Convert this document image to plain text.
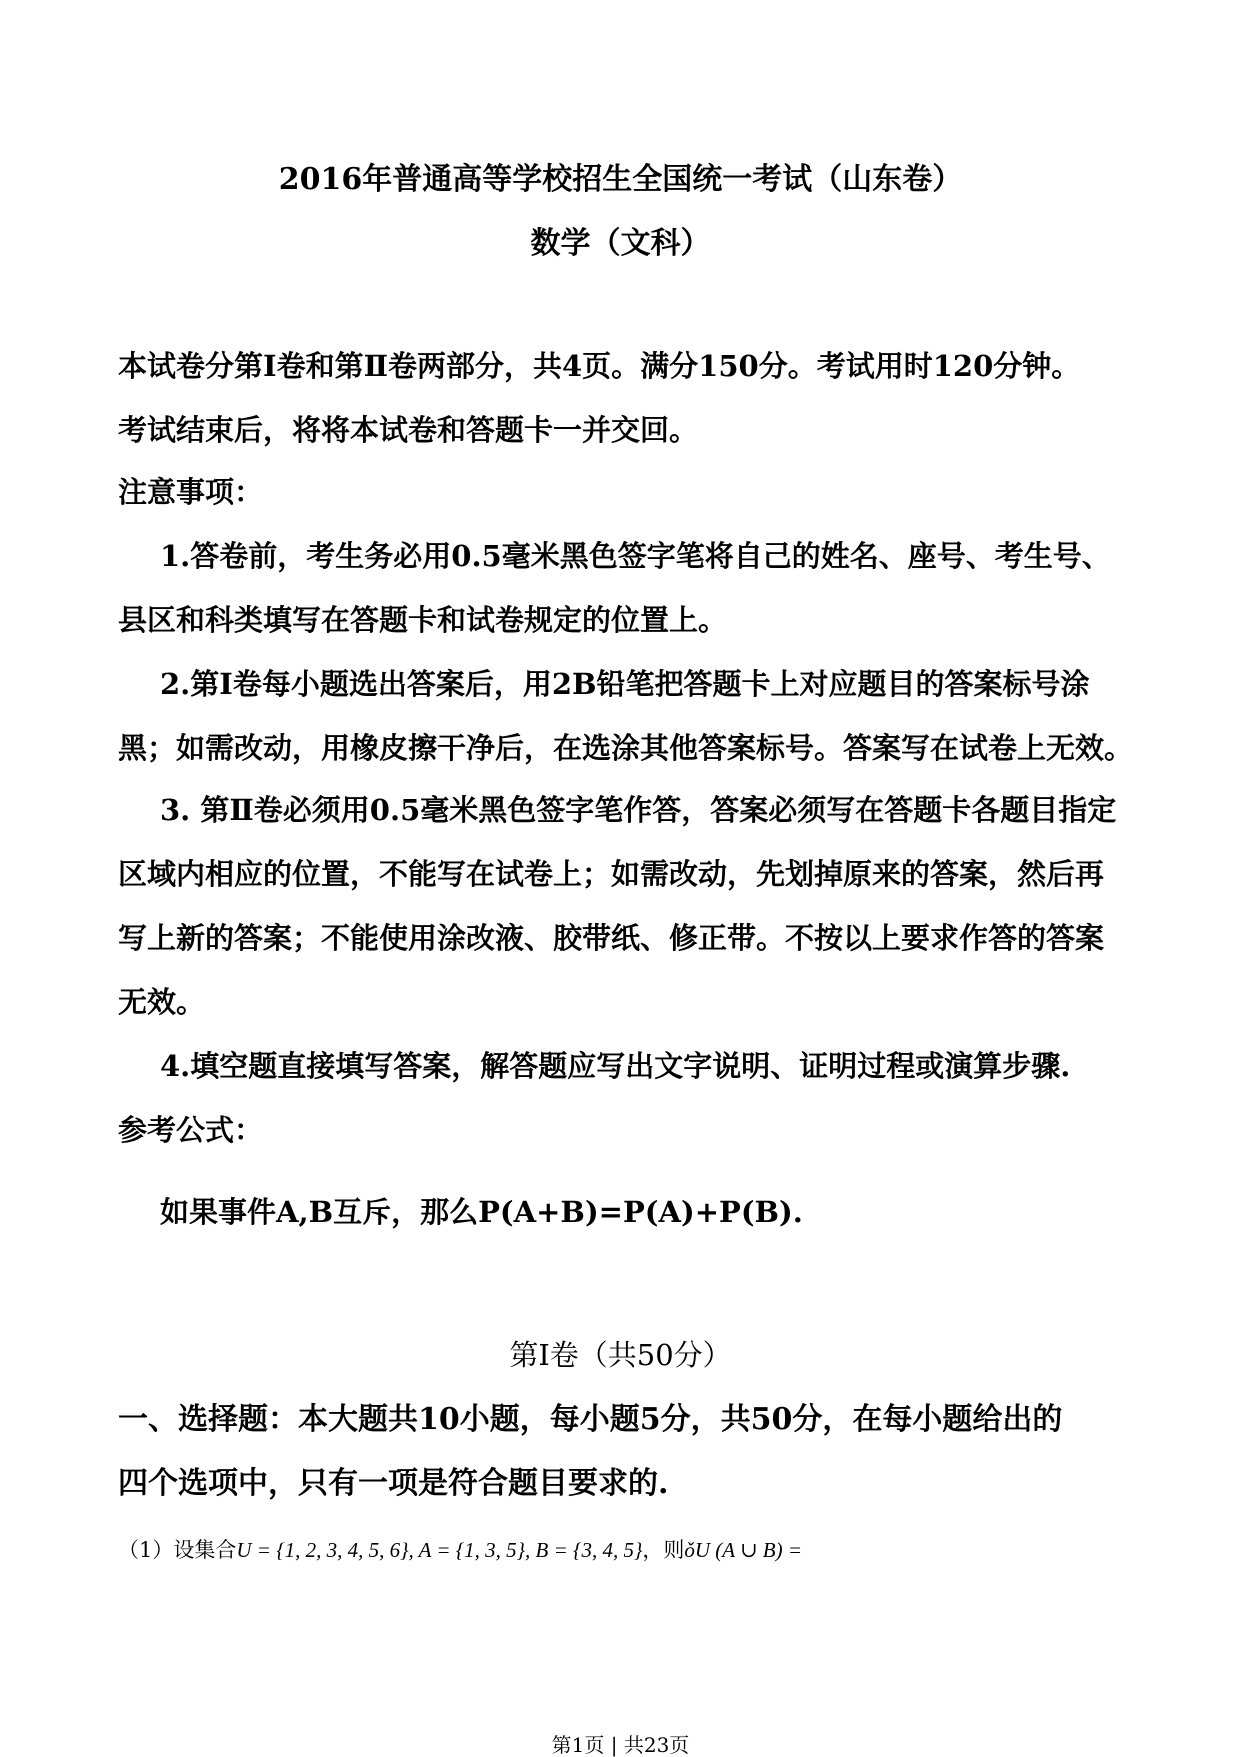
2016年普通高等学校招生全国统一考试（山东卷）
数学（文科）
本试卷分第Ⅰ卷和第Ⅱ卷两部分，共4页。满分150分。考试用时120分钟。
考试结束后，将将本试卷和答题卡一并交回。
注意事项：
1.答卷前，考生务必用0.5毫米黑色签字笔将自己的姓名、座号、考生号、
县区和科类填写在答题卡和试卷规定的位置上。
2.第Ⅰ卷每小题选出答案后，用2B铅笔把答题卡上对应题目的答案标号涂
黑；如需改动，用橡皮擦干净后，在选涂其他答案标号。答案写在试卷上无效。
3. 第Ⅱ卷必须用0.5毫米黑色签字笔作答，答案必须写在答题卡各题目指定
区域内相应的位置，不能写在试卷上；如需改动，先划掉原来的答案，然后再
写上新的答案；不能使用涂改液、胶带纸、修正带。不按以上要求作答的答案
无效。
4.填空题直接填写答案，解答题应写出文字说明、证明过程或演算步骤.
参考公式：
如果事件A,B互斥，那么P(A+B)=P(A)+P(B).
第Ⅰ卷（共50分）
一、选择题：本大题共10小题，每小题5分，共50分，在每小题给出的
四个选项中，只有一项是符合题目要求的.
（1）设集合U = {1, 2, 3, 4, 5, 6}, A = {1, 3, 5}, B = {3, 4, 5}，则ǒU (A ∪ B) =
第1页 | 共23页
